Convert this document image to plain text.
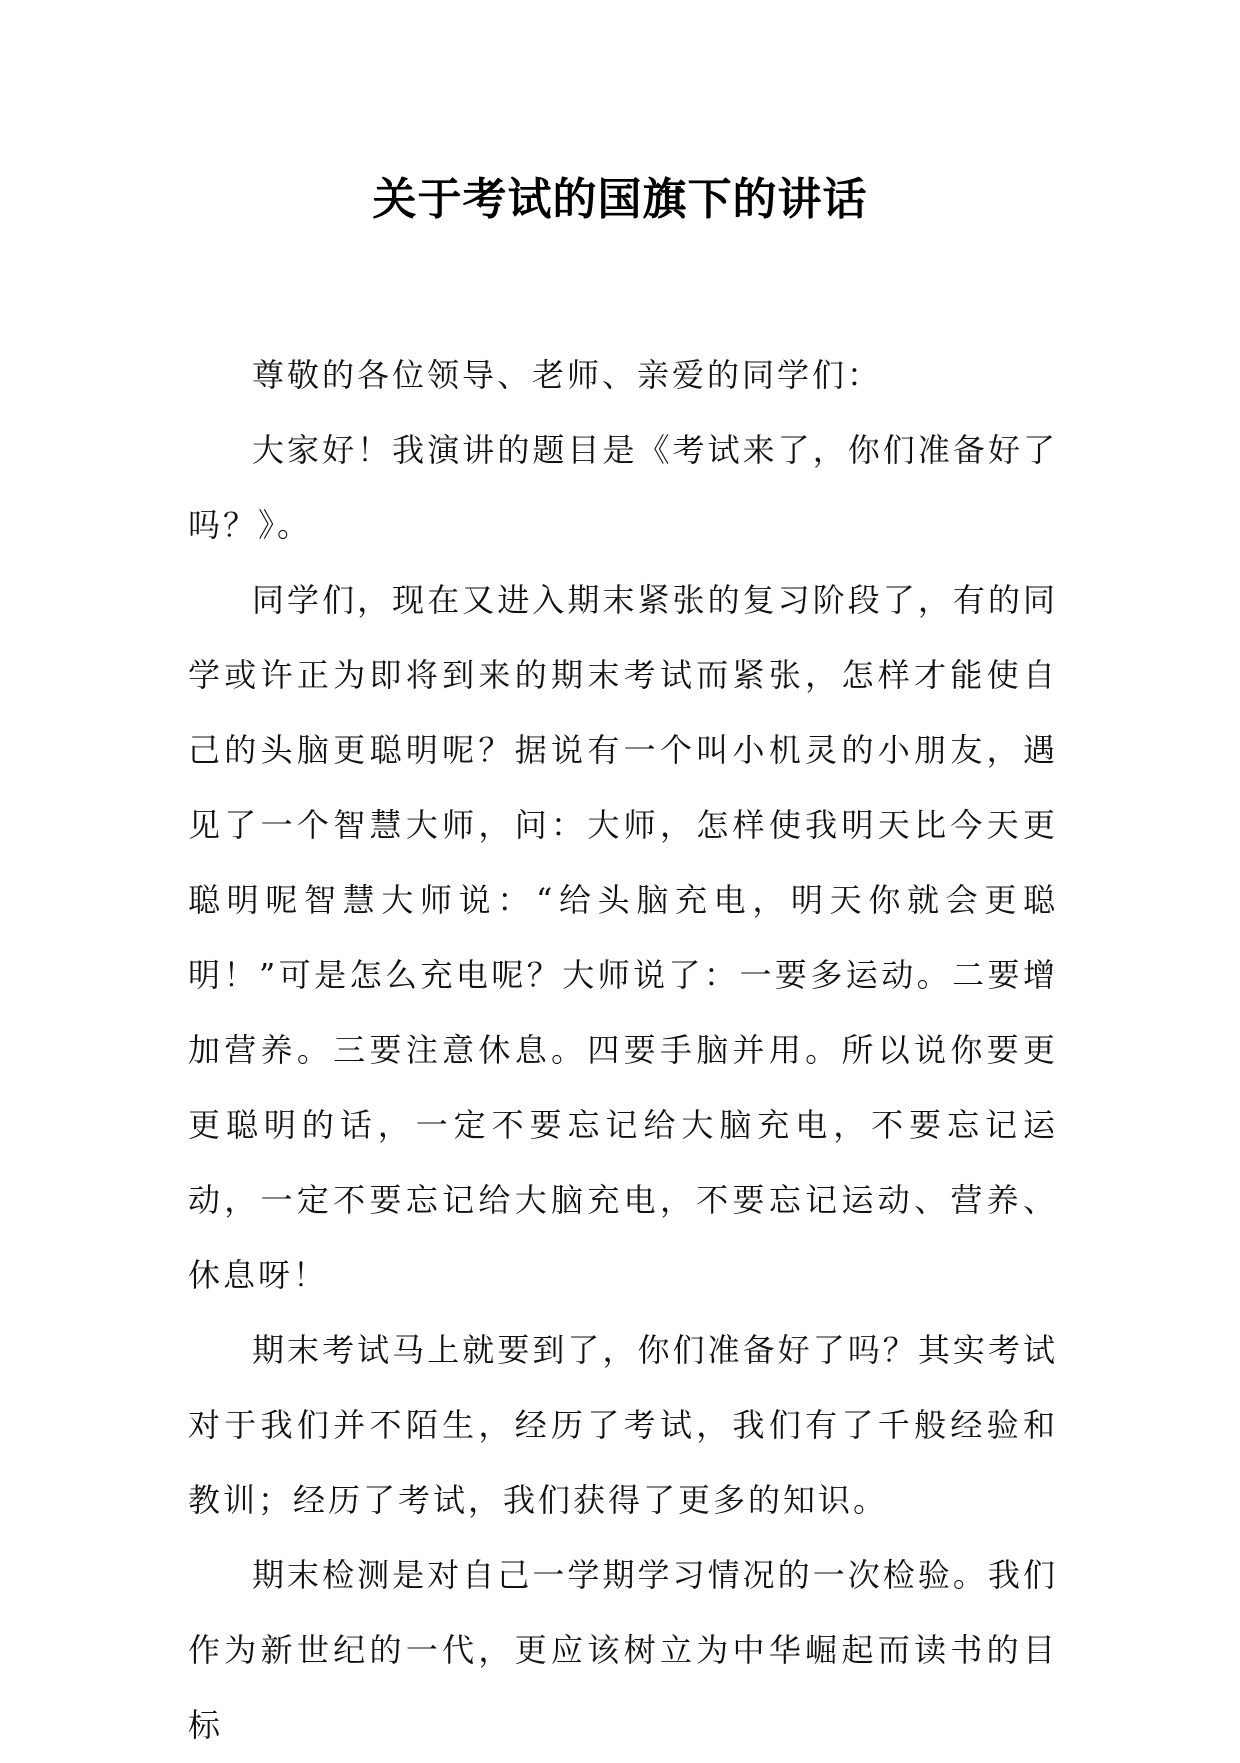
关于考试的国旗下的讲话

尊敬的各位领导、老师、亲爱的同学们：

大家好！我演讲的题目是《考试来了，你们准备好了吗？》。

同学们，现在又进入期末紧张的复习阶段了，有的同学或许正为即将到来的期末考试而紧张，怎样才能使自己的头脑更聪明呢？据说有一个叫小机灵的小朋友，遇见了一个智慧大师，问：大师，怎样使我明天比今天更聪明呢智慧大师说：“给头脑充电，明天你就会更聪明！”可是怎么充电呢？大师说了：一要多运动。二要增加营养。三要注意休息。四要手脑并用。所以说你要更更聪明的话，一定不要忘记给大脑充电，不要忘记运动，一定不要忘记给大脑充电，不要忘记运动、营养、休息呀！

期末考试马上就要到了，你们准备好了吗？其实考试对于我们并不陌生，经历了考试，我们有了千般经验和教训；经历了考试，我们获得了更多的知识。

期末检测是对自己一学期学习情况的一次检验。我们作为新世纪的一代，更应该树立为中华崛起而读书的目标
